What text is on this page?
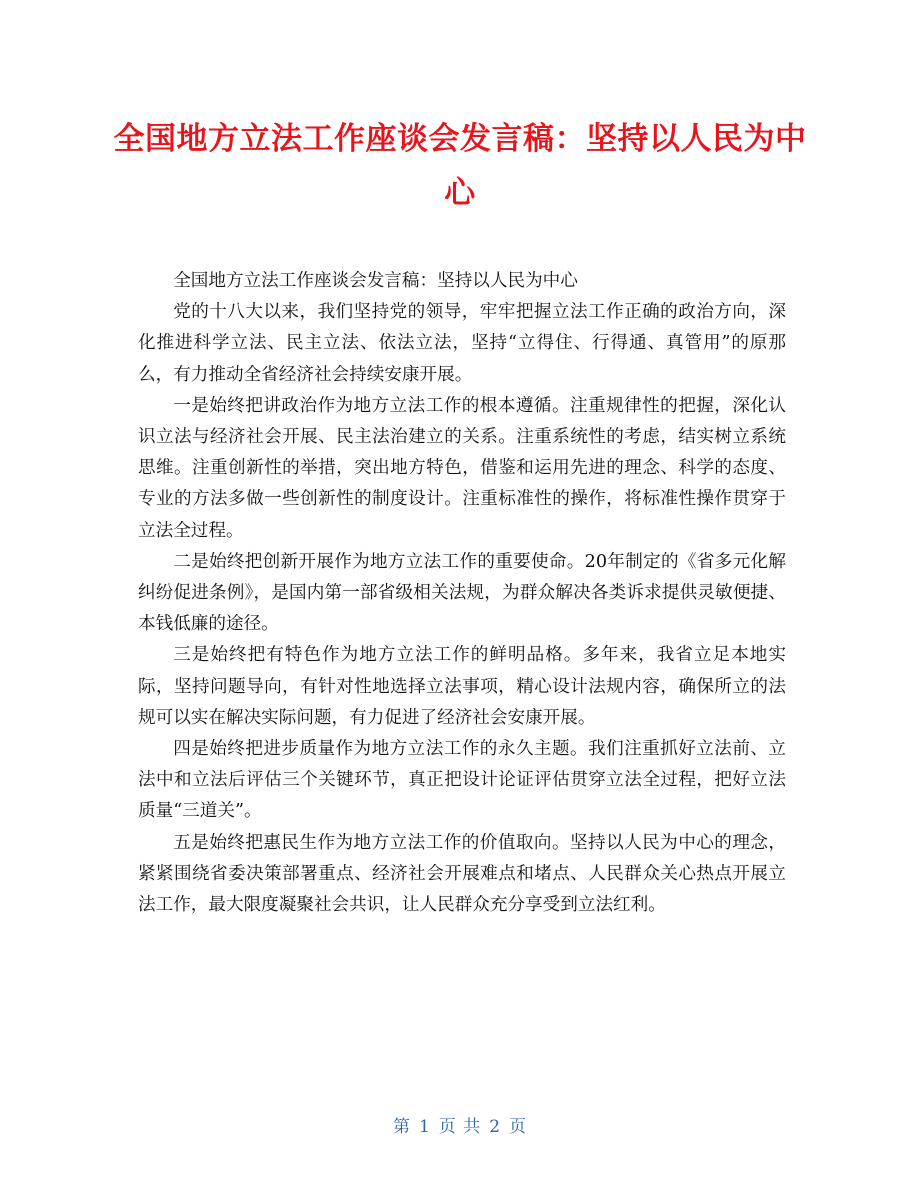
全国地方立法工作座谈会发言稿：坚持以人民为中心

全国地方立法工作座谈会发言稿：坚持以人民为中心

党的十八大以来，我们坚持党的领导，牢牢把握立法工作正确的政治方向，深化推进科学立法、民主立法、依法立法，坚持“立得住、行得通、真管用”的原那么，有力推动全省经济社会持续安康开展。

一是始终把讲政治作为地方立法工作的根本遵循。注重规律性的把握，深化认识立法与经济社会开展、民主法治建立的关系。注重系统性的考虑，结实树立系统思维。注重创新性的举措，突出地方特色，借鉴和运用先进的理念、科学的态度、专业的方法多做一些创新性的制度设计。注重标准性的操作，将标准性操作贯穿于立法全过程。

二是始终把创新开展作为地方立法工作的重要使命。20年制定的《省多元化解纠纷促进条例》，是国内第一部省级相关法规，为群众解决各类诉求提供灵敏便捷、本钱低廉的途径。

三是始终把有特色作为地方立法工作的鲜明品格。多年来，我省立足本地实际，坚持问题导向，有针对性地选择立法事项，精心设计法规内容，确保所立的法规可以实在解决实际问题，有力促进了经济社会安康开展。

四是始终把进步质量作为地方立法工作的永久主题。我们注重抓好立法前、立法中和立法后评估三个关键环节，真正把设计论证评估贯穿立法全过程，把好立法质量“三道关”。

五是始终把惠民生作为地方立法工作的价值取向。坚持以人民为中心的理念，紧紧围绕省委决策部署重点、经济社会开展难点和堵点、人民群众关心热点开展立法工作，最大限度凝聚社会共识，让人民群众充分享受到立法红利。

第 1 页 共 2 页
